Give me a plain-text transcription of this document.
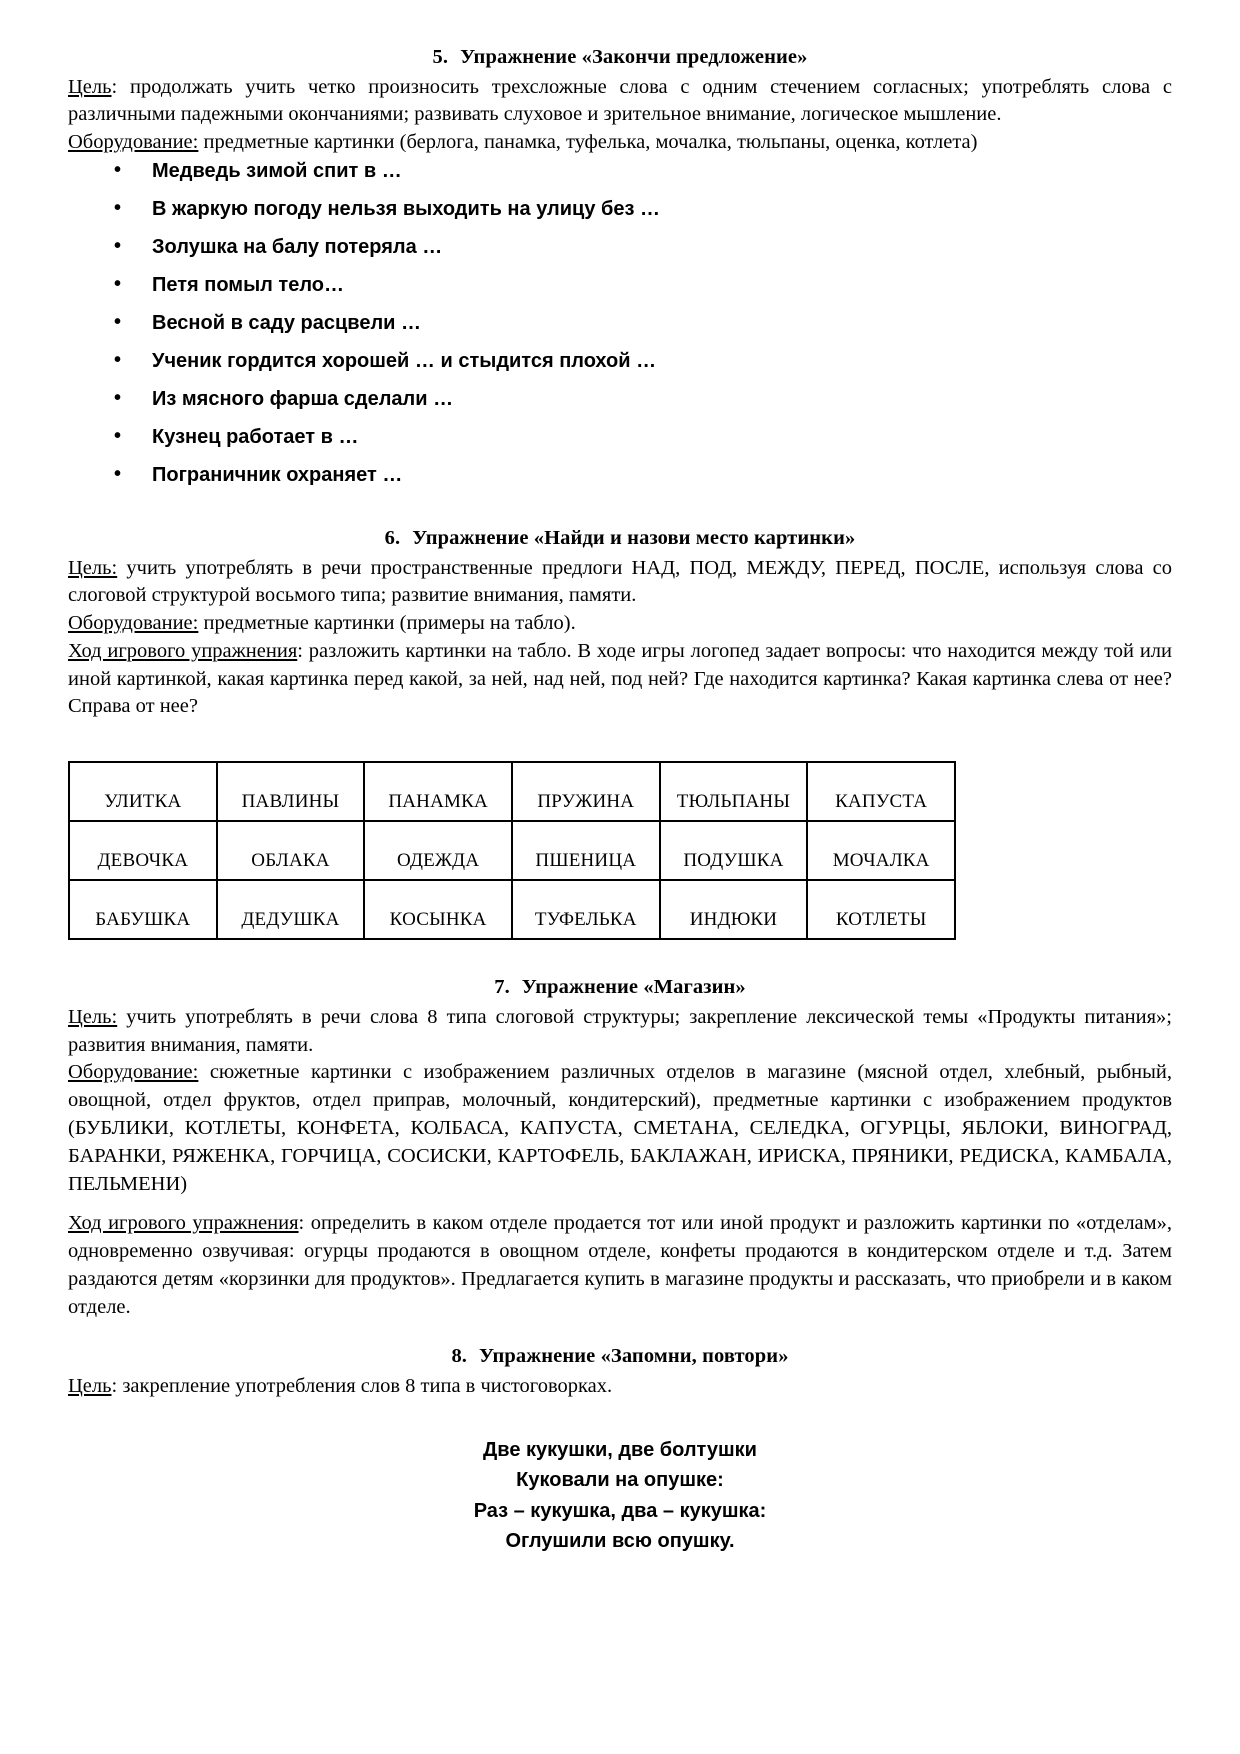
5. Упражнение «Закончи предложение»

Цель: продолжать учить четко произносить трехсложные слова с одним стечением согласных; употреблять слова с различными падежными окончаниями; развивать слуховое и зрительное внимание, логическое мышление.

Оборудование: предметные картинки (берлога, панамка, туфелька, мочалка, тюльпаны, оценка, котлета)

• Медведь зимой спит в …
• В жаркую погоду нельзя выходить на улицу без …
• Золушка на балу потеряла …
• Петя помыл тело…
• Весной в саду расцвели …
• Ученик гордится хорошей … и стыдится плохой …
• Из мясного фарша сделали …
• Кузнец работает в …
• Пограничник охраняет …
6. Упражнение «Найди и назови место картинки»

Цель: учить употреблять в речи пространственные предлоги НАД, ПОД, МЕЖДУ, ПЕРЕД, ПОСЛЕ, используя слова со слоговой структурой восьмого типа; развитие внимания, памяти.

Оборудование: предметные картинки (примеры на табло).

Ход игрового упражнения: разложить картинки на табло. В ходе игры логопед задает вопросы: что находится между той или иной картинкой, какая картинка перед какой, за ней, над ней, под ней? Где находится картинка? Какая картинка слева от нее? Справа от нее?

УЛИТКА	ПАВЛИНЫ	ПАНАМКА	ПРУЖИНА	ТЮЛЬПАНЫ	КАПУСТА
ДЕВОЧКА	ОБЛАКА	ОДЕЖДА	ПШЕНИЦА	ПОДУШКА	МОЧАЛКА
БАБУШКА	ДЕДУШКА	КОСЫНКА	ТУФЕЛЬКА	ИНДЮКИ	КОТЛЕТЫ
7. Упражнение «Магазин»

Цель: учить употреблять в речи слова 8 типа слоговой структуры; закрепление лексической темы «Продукты питания»; развития внимания, памяти.

Оборудование: сюжетные картинки с изображением различных отделов в магазине (мясной отдел, хлебный, рыбный, овощной, отдел фруктов, отдел приправ, молочный, кондитерский), предметные картинки с изображением продуктов (БУБЛИКИ, КОТЛЕТЫ, КОНФЕТА, КОЛБАСА, КАПУСТА, СМЕТАНА, СЕЛЕДКА, ОГУРЦЫ, ЯБЛОКИ, ВИНОГРАД, БАРАНКИ, РЯЖЕНКА, ГОРЧИЦА, СОСИСКИ, КАРТОФЕЛЬ, БАКЛАЖАН, ИРИСКА, ПРЯНИКИ, РЕДИСКА, КАМБАЛА, ПЕЛЬМЕНИ)

Ход игрового упражнения: определить в каком отделе продается тот или иной продукт и разложить картинки по «отделам», одновременно озвучивая: огурцы продаются в овощном отделе, конфеты продаются в кондитерском отделе и т.д. Затем раздаются детям «корзинки для продуктов». Предлагается купить в магазине продукты и рассказать, что приобрели и в каком отделе.

8. Упражнение «Запомни, повтори»

Цель: закрепление употребления слов 8 типа в чистоговорках.

Две кукушки, две болтушки
Куковали на опушке:
Раз – кукушка, два – кукушка:
Оглушили всю опушку.
